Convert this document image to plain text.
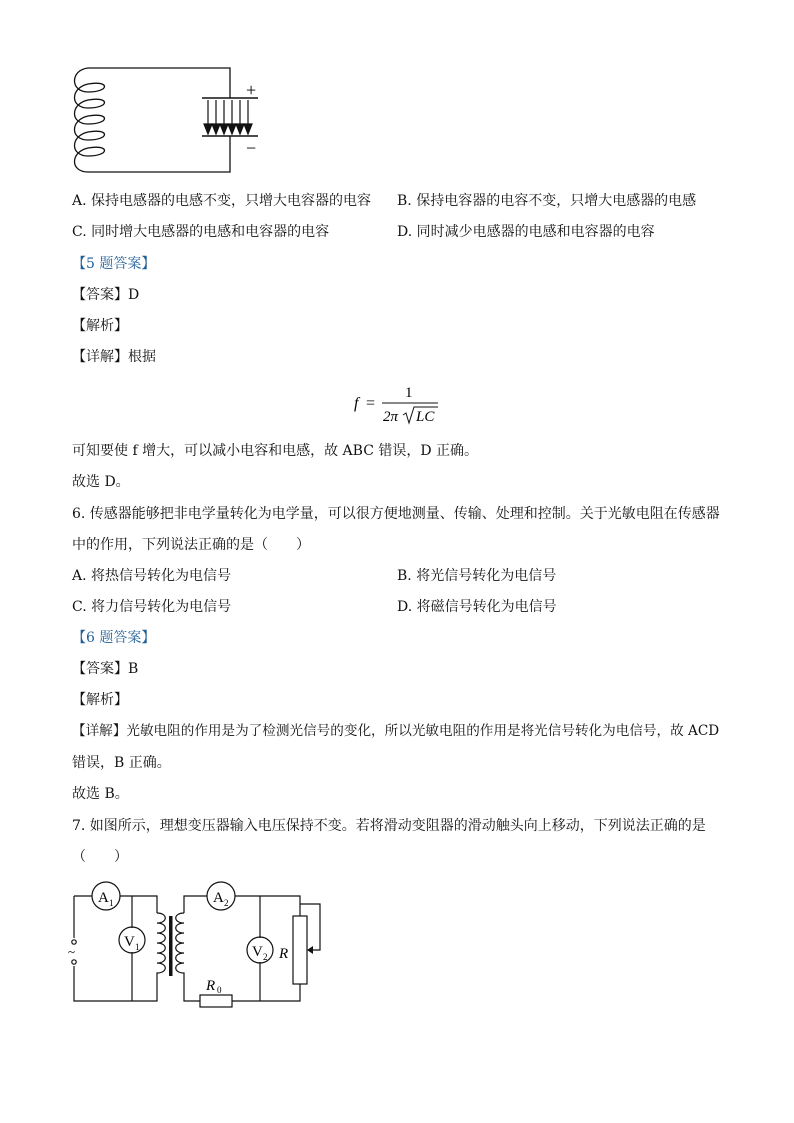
+
−
A. 保持电感器的电感不变，只增大电容器的电容 B. 保持电容器的电容不变，只增大电感器的电感
C. 同时增大电感器的电感和电容器的电容	D. 同时减少电感器的电感和电容器的电容
【5 题答案】
【答案】D
【解析】
【详解】根据
f =
1
2π LC
可知要使 f 增大，可以减小电容和电感，故 ABC 错误，D 正确。
故选 D。
6. 传感器能够把非电学量转化为电学量，可以很方便地测量、传输、处理和控制。关于光敏电阻在传感器
中的作用，下列说法正确的是（　　）
A. 将热信号转化为电信号	B. 将光信号转化为电信号
C. 将力信号转化为电信号	D. 将磁信号转化为电信号
【6 题答案】
【答案】B
【解析】
【详解】光敏电阻的作用是为了检测光信号的变化，所以光敏电阻的作用是将光信号转化为电信号，故 ACD
错误，B 正确。
故选 B。
7. 如图所示，理想变压器输入电压保持不变。若将滑动变阻器的滑动触头向上移动，下列说法正确的是
（　　）
A 1
V 1
A 2
V 2 R
R 0
~
